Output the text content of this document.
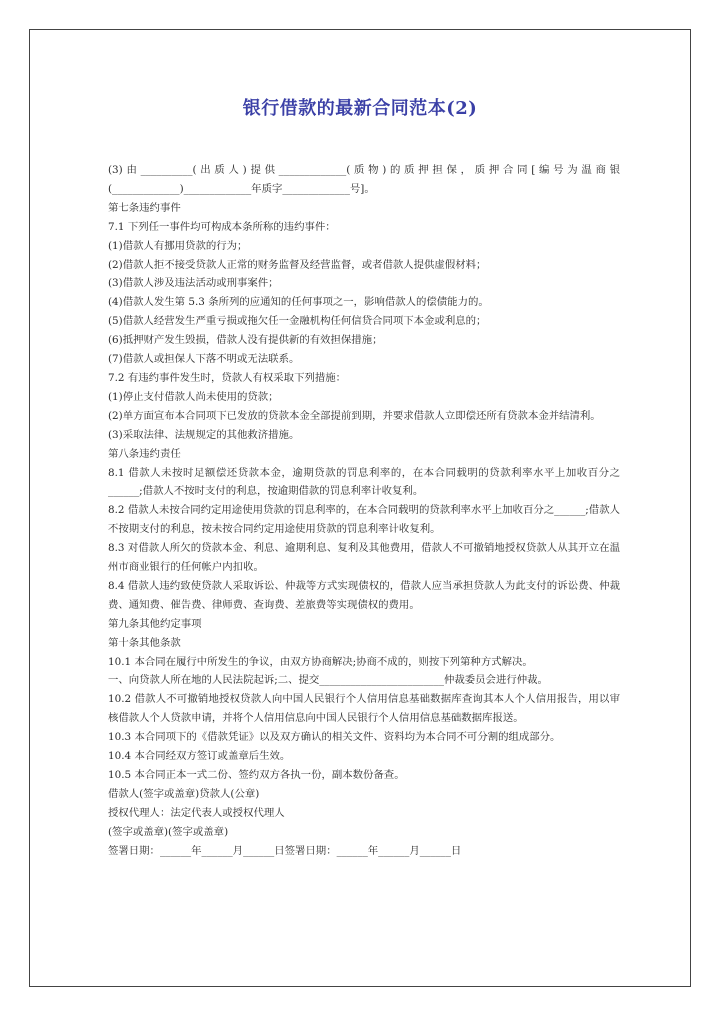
银行借款的最新合同范本(2)

(3)由__________(出质人)提供_____________(质物)的质押担保，质押合同[编号为温商银(_____________)_____________年质字_____________号]。

第七条违约事件

7.1 下列任一事件均可构成本条所称的违约事件：

(1)借款人有挪用贷款的行为；

(2)借款人拒不接受贷款人正常的财务监督及经营监督，或者借款人提供虚假材料；

(3)借款人涉及违法活动或刑事案件；

(4)借款人发生第 5.3 条所列的应通知的任何事项之一，影响借款人的偿债能力的。

(5)借款人经营发生严重亏损或拖欠任一金融机构任何信贷合同项下本金或利息的；

(6)抵押财产发生毁损，借款人没有提供新的有效担保措施；

(7)借款人或担保人下落不明或无法联系。

7.2 有违约事件发生时，贷款人有权采取下列措施：

(1)停止支付借款人尚未使用的贷款；

(2)单方面宣布本合同项下已发放的贷款本金全部提前到期，并要求借款人立即偿还所有贷款本金并结清利。

(3)采取法律、法规规定的其他救济措施。

第八条违约责任

8.1 借款人未按时足额偿还贷款本金，逾期贷款的罚息利率的，在本合同载明的贷款利率水平上加收百分之______;借款人不按时支付的利息，按逾期借款的罚息利率计收复利。

8.2 借款人未按合同约定用途使用贷款的罚息利率的，在本合同载明的贷款利率水平上加收百分之______;借款人不按期支付的利息，按未按合同约定用途使用贷款的罚息利率计收复利。

8.3 对借款人所欠的贷款本金、利息、逾期利息、复利及其他费用，借款人不可撤销地授权贷款人从其开立在温州市商业银行的任何帐户内扣收。

8.4 借款人违约致使贷款人采取诉讼、仲裁等方式实现债权的，借款人应当承担贷款人为此支付的诉讼费、仲裁费、通知费、催告费、律师费、查询费、差旅费等实现债权的费用。

第九条其他约定事项

第十条其他条款

10.1 本合同在履行中所发生的争议，由双方协商解决;协商不成的，则按下列第种方式解决。

一、向贷款人所在地的人民法院起诉;二、提交________________________仲裁委员会进行仲裁。

10.2 借款人不可撤销地授权贷款人向中国人民银行个人信用信息基础数据库查询其本人个人信用报告，用以审核借款人个人贷款申请，并将个人信用信息向中国人民银行个人信用信息基础数据库报送。

10.3 本合同项下的《借款凭证》以及双方确认的相关文件、资料均为本合同不可分割的组成部分。

10.4 本合同经双方签订或盖章后生效。

10.5 本合同正本一式二份、签约双方各执一份，副本数份备查。

借款人(签字或盖章)贷款人(公章)

授权代理人：法定代表人或授权代理人

(签字或盖章)(签字或盖章)

签署日期：______年______月______日签署日期：______年______月______日
